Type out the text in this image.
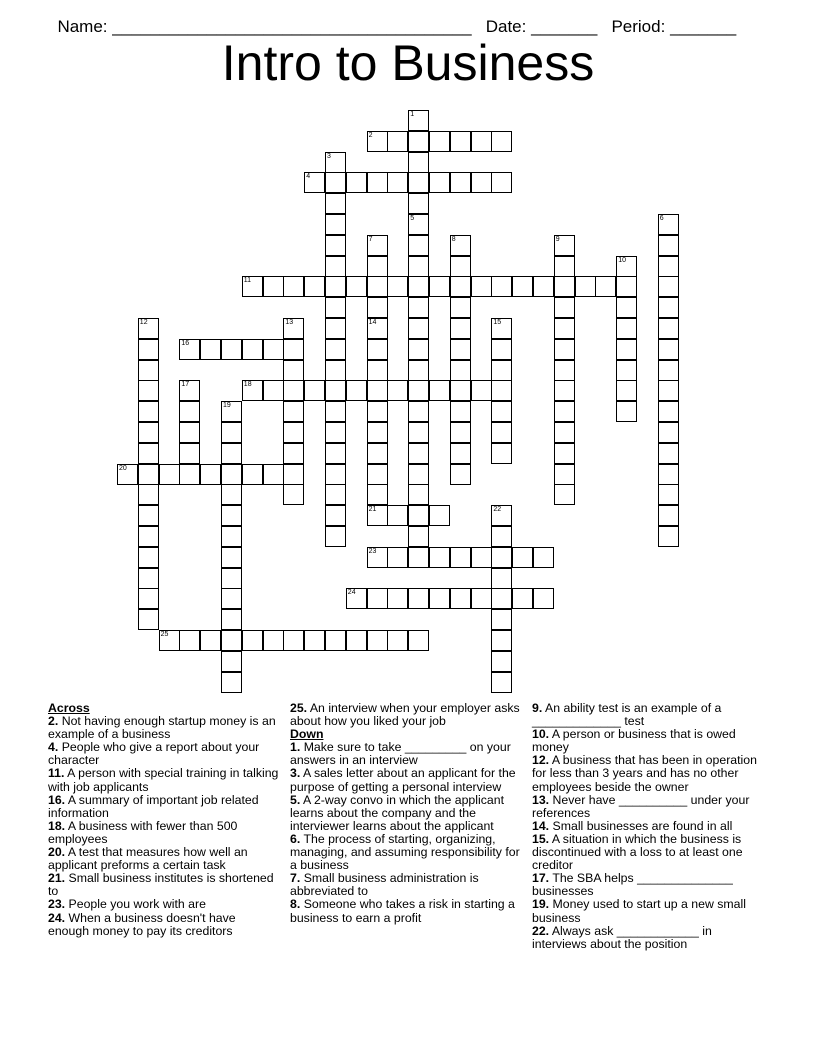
Name: ______________________________________ Date: _______ Period: _______

Intro to Business
1
2
3
4
5	6
7
14
8	9
10
11
12	13	15
16
17	18
19
20
21	22
23
24
25
Across
2. Not having enough startup money is an example of a business
4. People who give a report about your character
11. A person with special training in talking with job applicants
16. A summary of important job related information
18. A business with fewer than 500 employees
20. A test that measures how well an applicant preforms a certain task
21. Small business institutes is shortened to
23. People you work with are
24. When a business doesn't have enough money to pay its creditors
25. An interview when your employer asks about how you liked your job
Down
1. Make sure to take _________ on your answers in an interview
3. A sales letter about an applicant for the purpose of getting a personal interview
5. A 2-way convo in which the applicant learns about the company and the interviewer learns about the applicant
6. The process of starting, organizing, managing, and assuming responsibility for a business
7. Small business administration is abbreviated to
8. Someone who takes a risk in starting a business to earn a profit
9. An ability test is an example of a _____________ test
10. A person or business that is owed money
12. A business that has been in operation for less than 3 years and has no other employees beside the owner
13. Never have __________ under your references
14. Small businesses are found in all
15. A situation in which the business is discontinued with a loss to at least one creditor
17. The SBA helps ______________ businesses
19. Money used to start up a new small business
22. Always ask ____________ in interviews about the position
